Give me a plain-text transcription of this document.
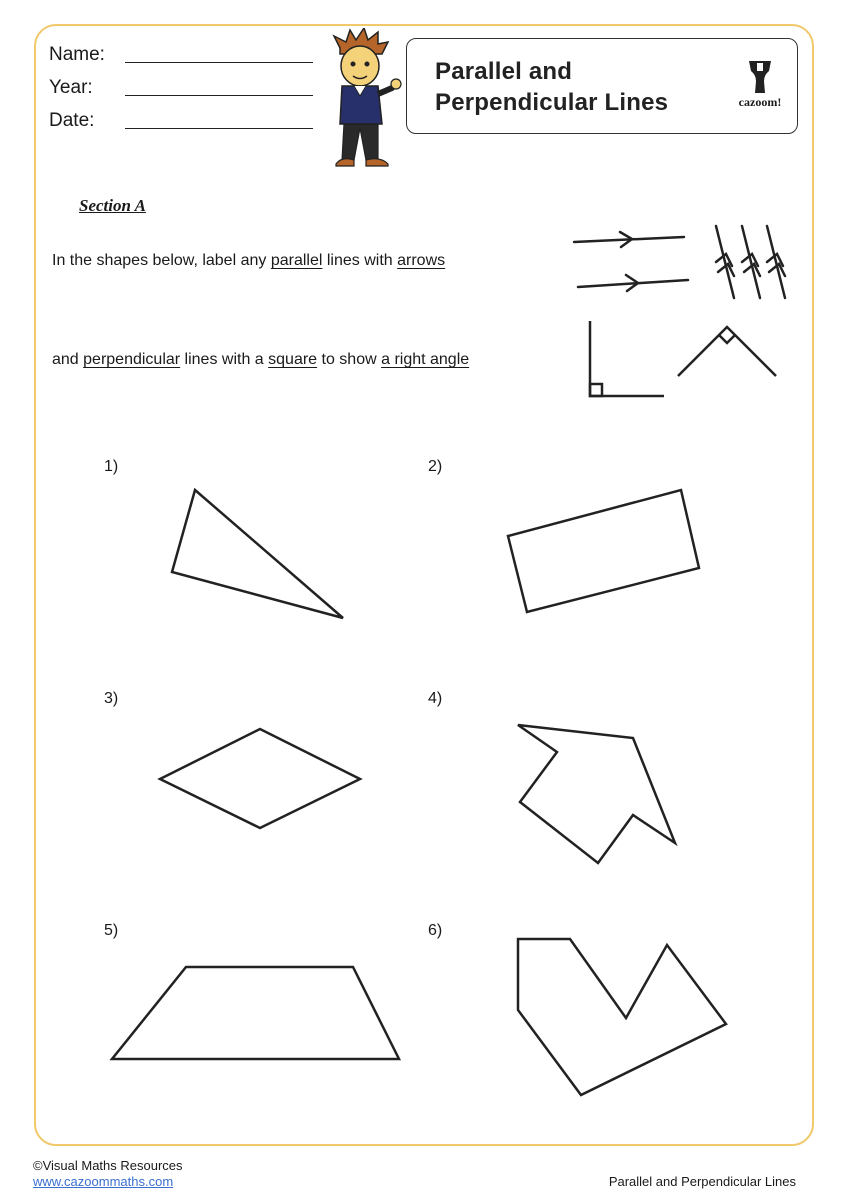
Name:
Year:
Date:
Parallel and
Perpendicular Lines	cazoom!
Section A
In the shapes below, label any parallel lines with arrows
and perpendicular lines with a square to show a right angle
1)	2)
3)	4)
5)	6)
©Visual Maths Resources
www.cazoommaths.com	Parallel and Perpendicular Lines
